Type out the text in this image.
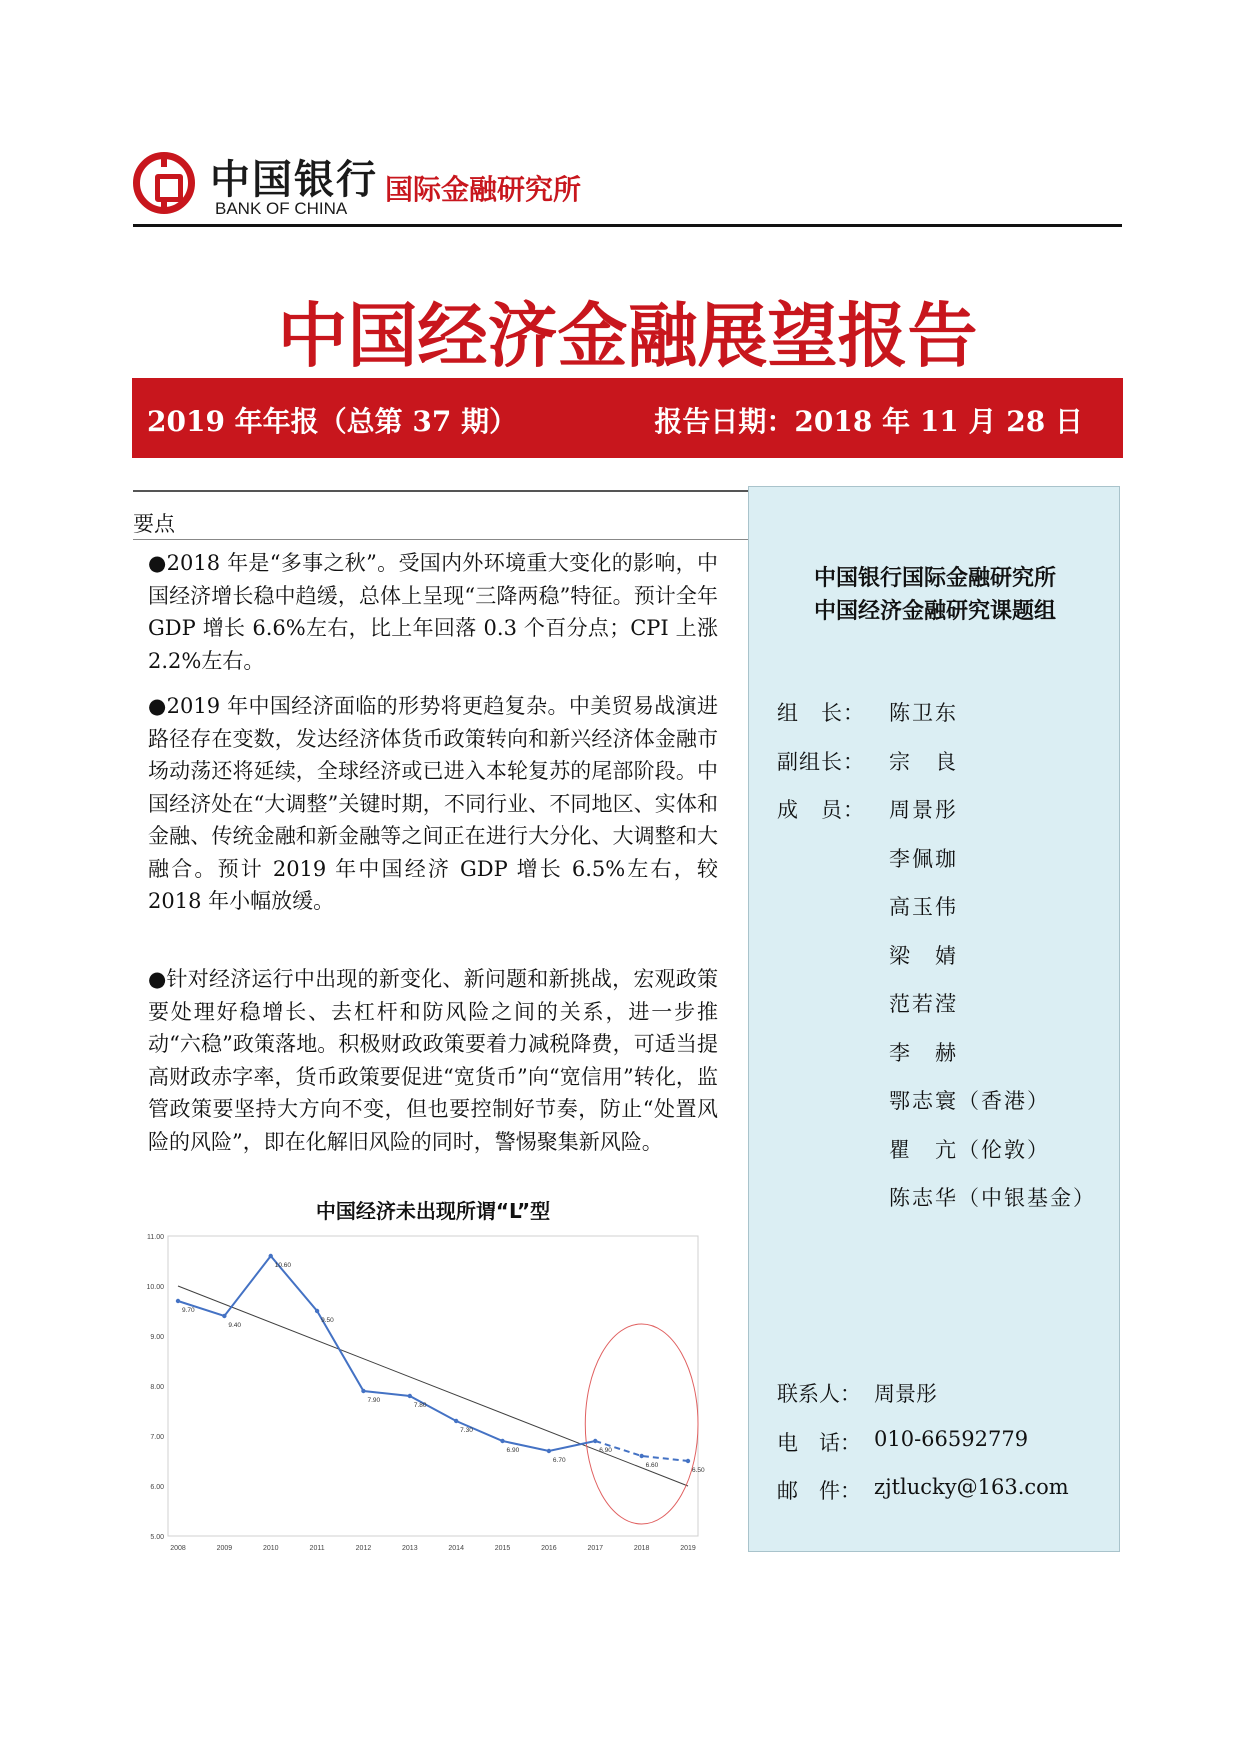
中国银行
BANK OF CHINA
国际金融研究所
中国经济金融展望报告
2019 年年报（总第 37 期）	报告日期：2018 年 11 月 28 日
要点
●2018 年是“多事之秋”。受国内外环境重大变化的影响，中国经济增长稳中趋缓，总体上呈现“三降两稳”特征。预计全年 GDP 增长 6.6%左右，比上年回落 0.3 个百分点；CPI 上涨 2.2%左右。
●2019 年中国经济面临的形势将更趋复杂。中美贸易战演进路径存在变数，发达经济体货币政策转向和新兴经济体金融市场动荡还将延续，全球经济或已进入本轮复苏的尾部阶段。中国经济处在“大调整”关键时期，不同行业、不同地区、实体和金融、传统金融和新金融等之间正在进行大分化、大调整和大融合。预计 2019 年中国经济 GDP 增长 6.5%左右，较 2018 年小幅放缓。
●针对经济运行中出现的新变化、新问题和新挑战，宏观政策要处理好稳增长、去杠杆和防风险之间的关系，进一步推动“六稳”政策落地。积极财政政策要着力减税降费，可适当提高财政赤字率，货币政策要促进“宽货币”向“宽信用”转化，监管政策要坚持大方向不变，但也要控制好节奏，防止“处置风险的风险”，即在化解旧风险的同时，警惕聚集新风险。
中国经济未出现所谓“L”型
5.00
6.00
7.00
8.00
9.00
10.00
11.00
2008	2009	2010	2011	2012	2013	2014	2015	2016	2017	2018	2019
9.70
9.40
10.60
9.50
7.90
7.80
7.30
6.90
6.70
6.90
6.60
6.50
中国银行国际金融研究所
中国经济金融研究课题组
组　长： 陈卫东
副组长： 宗　良
成　员： 周景彤
李佩珈
高玉伟
梁　婧
范若滢
李　赫
鄂志寰（香港）
瞿　亢（伦敦）
陈志华（中银基金）
联系人： 周景彤
电　话： 010-66592779
邮　件： zjtlucky@163.com
